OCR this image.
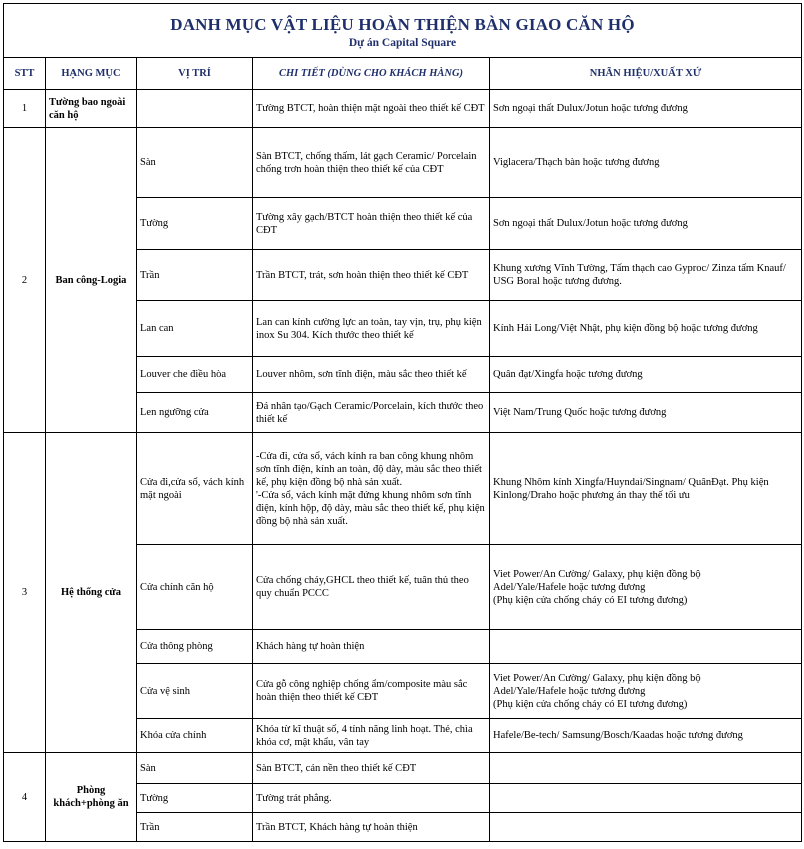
DANH MỤC VẬT LIỆU HOÀN THIỆN BÀN GIAO CĂN HỘ
Dự án Capital Square				

STT	HẠNG MỤC	VỊ TRÍ	CHI TIẾT (DÙNG CHO KHÁCH HÀNG)	NHÃN HIỆU/XUẤT XỨ
1	Tường bao ngoài căn hộ		Tường BTCT, hoàn thiện mặt ngoài theo thiết kế CĐT	Sơn ngoại thất Dulux/Jotun hoặc tương đương
2	Ban công-Logia	Sàn	Sàn BTCT, chống thấm, lát gạch Ceramic/ Porcelain chống trơn hoàn thiện theo thiết kế của CĐT	Viglacera/Thạch bàn hoặc tương đương
		Tường	Tường xây gạch/BTCT hoàn thiện theo thiết kế của CĐT	Sơn ngoại thất Dulux/Jotun hoặc tương đương
		Trần	Trần BTCT, trát, sơn hoàn thiện theo thiết kế CĐT	Khung xương Vĩnh Tường, Tấm thạch cao Gyproc/ Zinza tấm Knauf/ USG Boral hoặc tương đương.
		Lan can	Lan can kính cường lực an toàn, tay vịn, trụ, phụ kiện inox Su 304. Kích thước theo thiết kế	Kính Hải Long/Việt Nhật, phụ kiện đồng bộ hoặc tương đương
		Louver che điều hòa	Louver nhôm, sơn tĩnh điện, màu sắc theo thiết kế	Quân đạt/Xingfa hoặc tương đương
		Len ngưỡng cửa	Đá nhân tạo/Gạch Ceramic/Porcelain, kích thước theo thiết kế	Việt Nam/Trung Quốc hoặc tương đương
3	Hệ thống cửa	Cửa đi,cửa sổ, vách kính mặt ngoài	-Cửa đi, cửa sổ, vách kính ra ban công khung nhôm sơn tĩnh điện, kính an toàn, độ dày, màu sắc theo thiết kế, phụ kiện đồng bộ nhà sản xuất.
'-Cửa sổ, vách kính mặt đứng khung nhôm sơn tĩnh điện, kính hộp, độ dày, màu sắc theo thiết kế, phụ kiện đồng bộ nhà sản xuất.	Khung Nhôm kính Xingfa/Huyndai/Singnam/ QuânĐạt. Phụ kiện Kinlong/Draho hoặc phương án thay thế tối ưu
		Cửa chính căn hộ	Cửa chống cháy,GHCL theo thiết kế, tuân thủ theo quy chuẩn PCCC	Viet Power/An Cường/ Galaxy, phụ kiện đồng bộ
Adel/Yale/Hafele hoặc tương đương
(Phụ kiện cửa chống cháy có EI tương đương)
		Cửa thông phòng	Khách hàng tự hoàn thiện	
		Cửa vệ sinh	Cửa gỗ công nghiệp chống ẩm/composite màu sắc hoàn thiện theo thiết kế CĐT	Viet Power/An Cường/ Galaxy, phụ kiện đồng bộ
Adel/Yale/Hafele hoặc tương đương
(Phụ kiện cửa chống cháy có EI tương đương)
		Khóa cửa chính	Khóa từ kĩ thuật số, 4 tính năng linh hoạt. Thẻ, chìa khóa cơ, mật khẩu, vân tay	Hafele/Be-tech/ Samsung/Bosch/Kaadas hoặc tương đương
4	Phòng khách+phòng ăn	Sàn	Sàn BTCT, cán nền theo thiết kế CĐT	
		Tường	Tường trát phẳng.	
		Trần	Trần BTCT, Khách hàng tự hoàn thiện	
